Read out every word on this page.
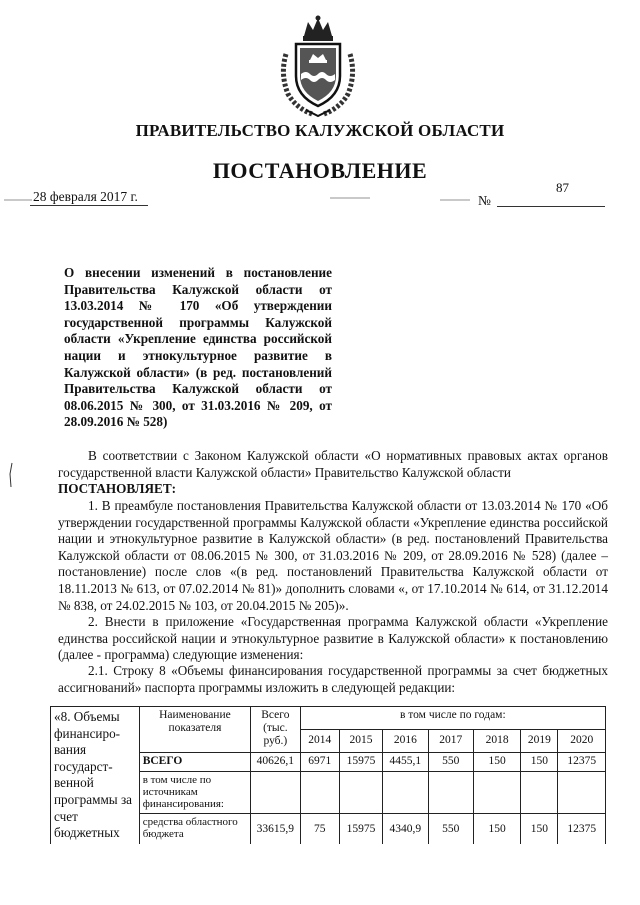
ПРАВИТЕЛЬСТВО КАЛУЖСКОЙ ОБЛАСТИ
ПОСТАНОВЛЕНИЕ
28 февраля 2017 г.	№
87
О внесении изменений в постановление Правительства Калужской области от 13.03.2014 № 170 «Об утверждении государственной программы Калужской области «Укрепление единства российской нации и этнокультурное развитие в Калужской области» (в ред. постановлений Правительства Калужской области от 08.06.2015 № 300, от 31.03.2016 № 209, от 28.09.2016 № 528)
В соответствии с Законом Калужской области «О нормативных правовых актах органов государственной власти Калужской области» Правительство Калужской области
ПОСТАНОВЛЯЕТ:
1. В преамбуле постановления Правительства Калужской области от 13.03.2014 № 170 «Об утверждении государственной программы Калужской области «Укрепление единства российской нации и этнокультурное развитие в Калужской области» (в ред. постановлений Правительства Калужской области от 08.06.2015 № 300, от 31.03.2016 № 209, от 28.09.2016 № 528) (далее – постановление) после слов «(в ред. постановлений Правительства Калужской области от 18.11.2013 № 613, от 07.02.2014 № 81)» дополнить словами «, от 17.10.2014 № 614, от 31.12.2014 № 838, от 24.02.2015 № 103, от 20.04.2015 № 205)».
2. Внести в приложение «Государственная программа Калужской области «Укрепление единства российской нации и этнокультурное развитие в Калужской области» к постановлению (далее - программа) следующие изменения:
2.1. Строку 8 «Объемы финансирования государственной программы за счет бюджетных ассигнований» паспорта программы изложить в следующей редакции:
«8. Объемы финансиро-вания государст-венной программы за счет бюджетных	Наименование показателя	Всего (тыс. руб.)	в том числе по годам:						
			2014	2015	2016	2017	2018	2019	2020
	ВСЕГО	40626,1	6971	15975	4455,1	550	150	150	12375
	в том числе по источникам финансирования:								
	средства областного бюджета	33615,9	75	15975	4340,9	550	150	150	12375
